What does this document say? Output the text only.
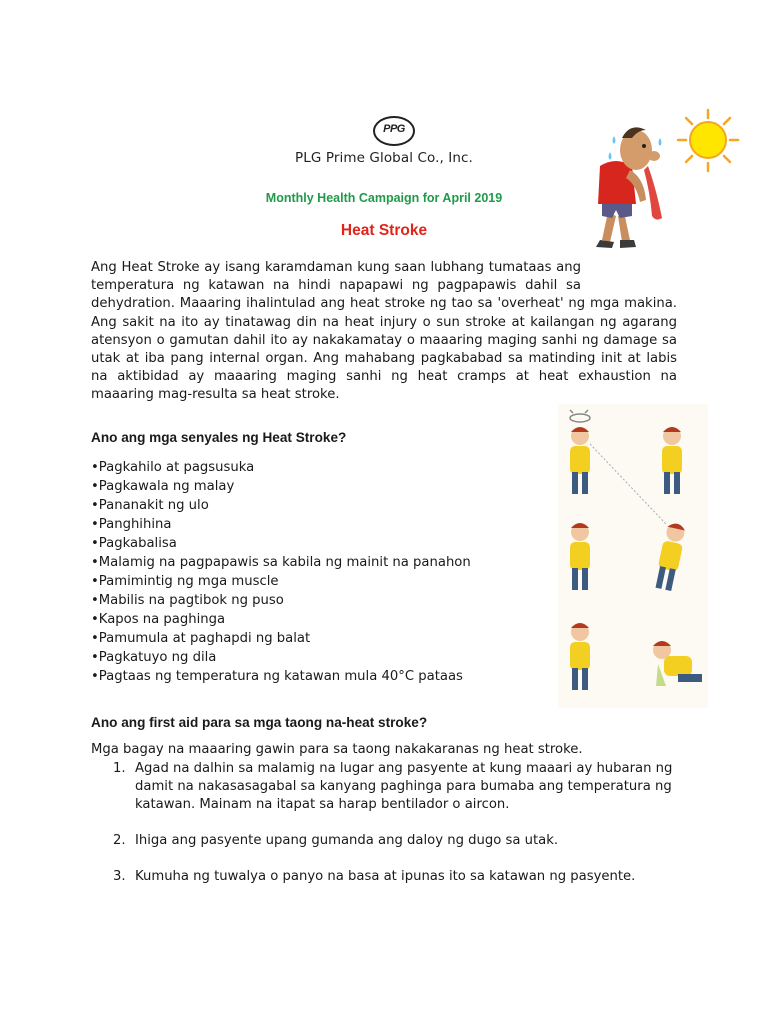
PPG
PLG Prime Global Co., Inc.
Monthly Health Campaign for April 2019
Heat Stroke
Ang Heat Stroke ay isang karamdaman kung saan lubhang tumataas ang temperatura ng katawan na hindi napapawi ng pagpapawis dahil sa dehydration. Maaaring ihalintulad ang heat stroke ng tao sa 'overheat' ng mga makina. Ang sakit na ito ay tinatawag din na heat injury o sun stroke at kailangan ng agarang atensyon o gamutan dahil ito ay nakakamatay o maaaring maging sanhi ng damage sa utak at iba pang internal organ. Ang mahabang pagkababad sa matinding init at labis na aktibidad ay maaaring maging sanhi ng heat cramps at heat exhaustion na maaaring mag-resulta sa heat stroke.
Ano ang mga senyales ng Heat Stroke?
• Pagkahilo at pagsusuka
• Pagkawala ng malay
• Pananakit ng ulo
• Panghihina
• Pagkabalisa
• Malamig na pagpapawis sa kabila ng mainit na panahon
• Pamimintig ng mga muscle
• Mabilis na pagtibok ng puso
• Kapos na paghinga
• Pamumula at paghapdi ng balat
• Pagkatuyo ng dila
• Pagtaas ng temperatura ng katawan mula 40°C pataas
Ano ang first aid para sa mga taong na-heat stroke?
Mga bagay na maaaring gawin para sa taong nakakaranas ng heat stroke.
1. Agad na dalhin sa malamig na lugar ang pasyente at kung maaari ay hubaran ng damit na nakasasagabal sa kanyang paghinga para bumaba ang temperatura ng katawan. Mainam na itapat sa harap bentilador o aircon.
2. Ihiga ang pasyente upang gumanda ang daloy ng dugo sa utak.
3. Kumuha ng tuwalya o panyo na basa at ipunas ito sa katawan ng pasyente.
